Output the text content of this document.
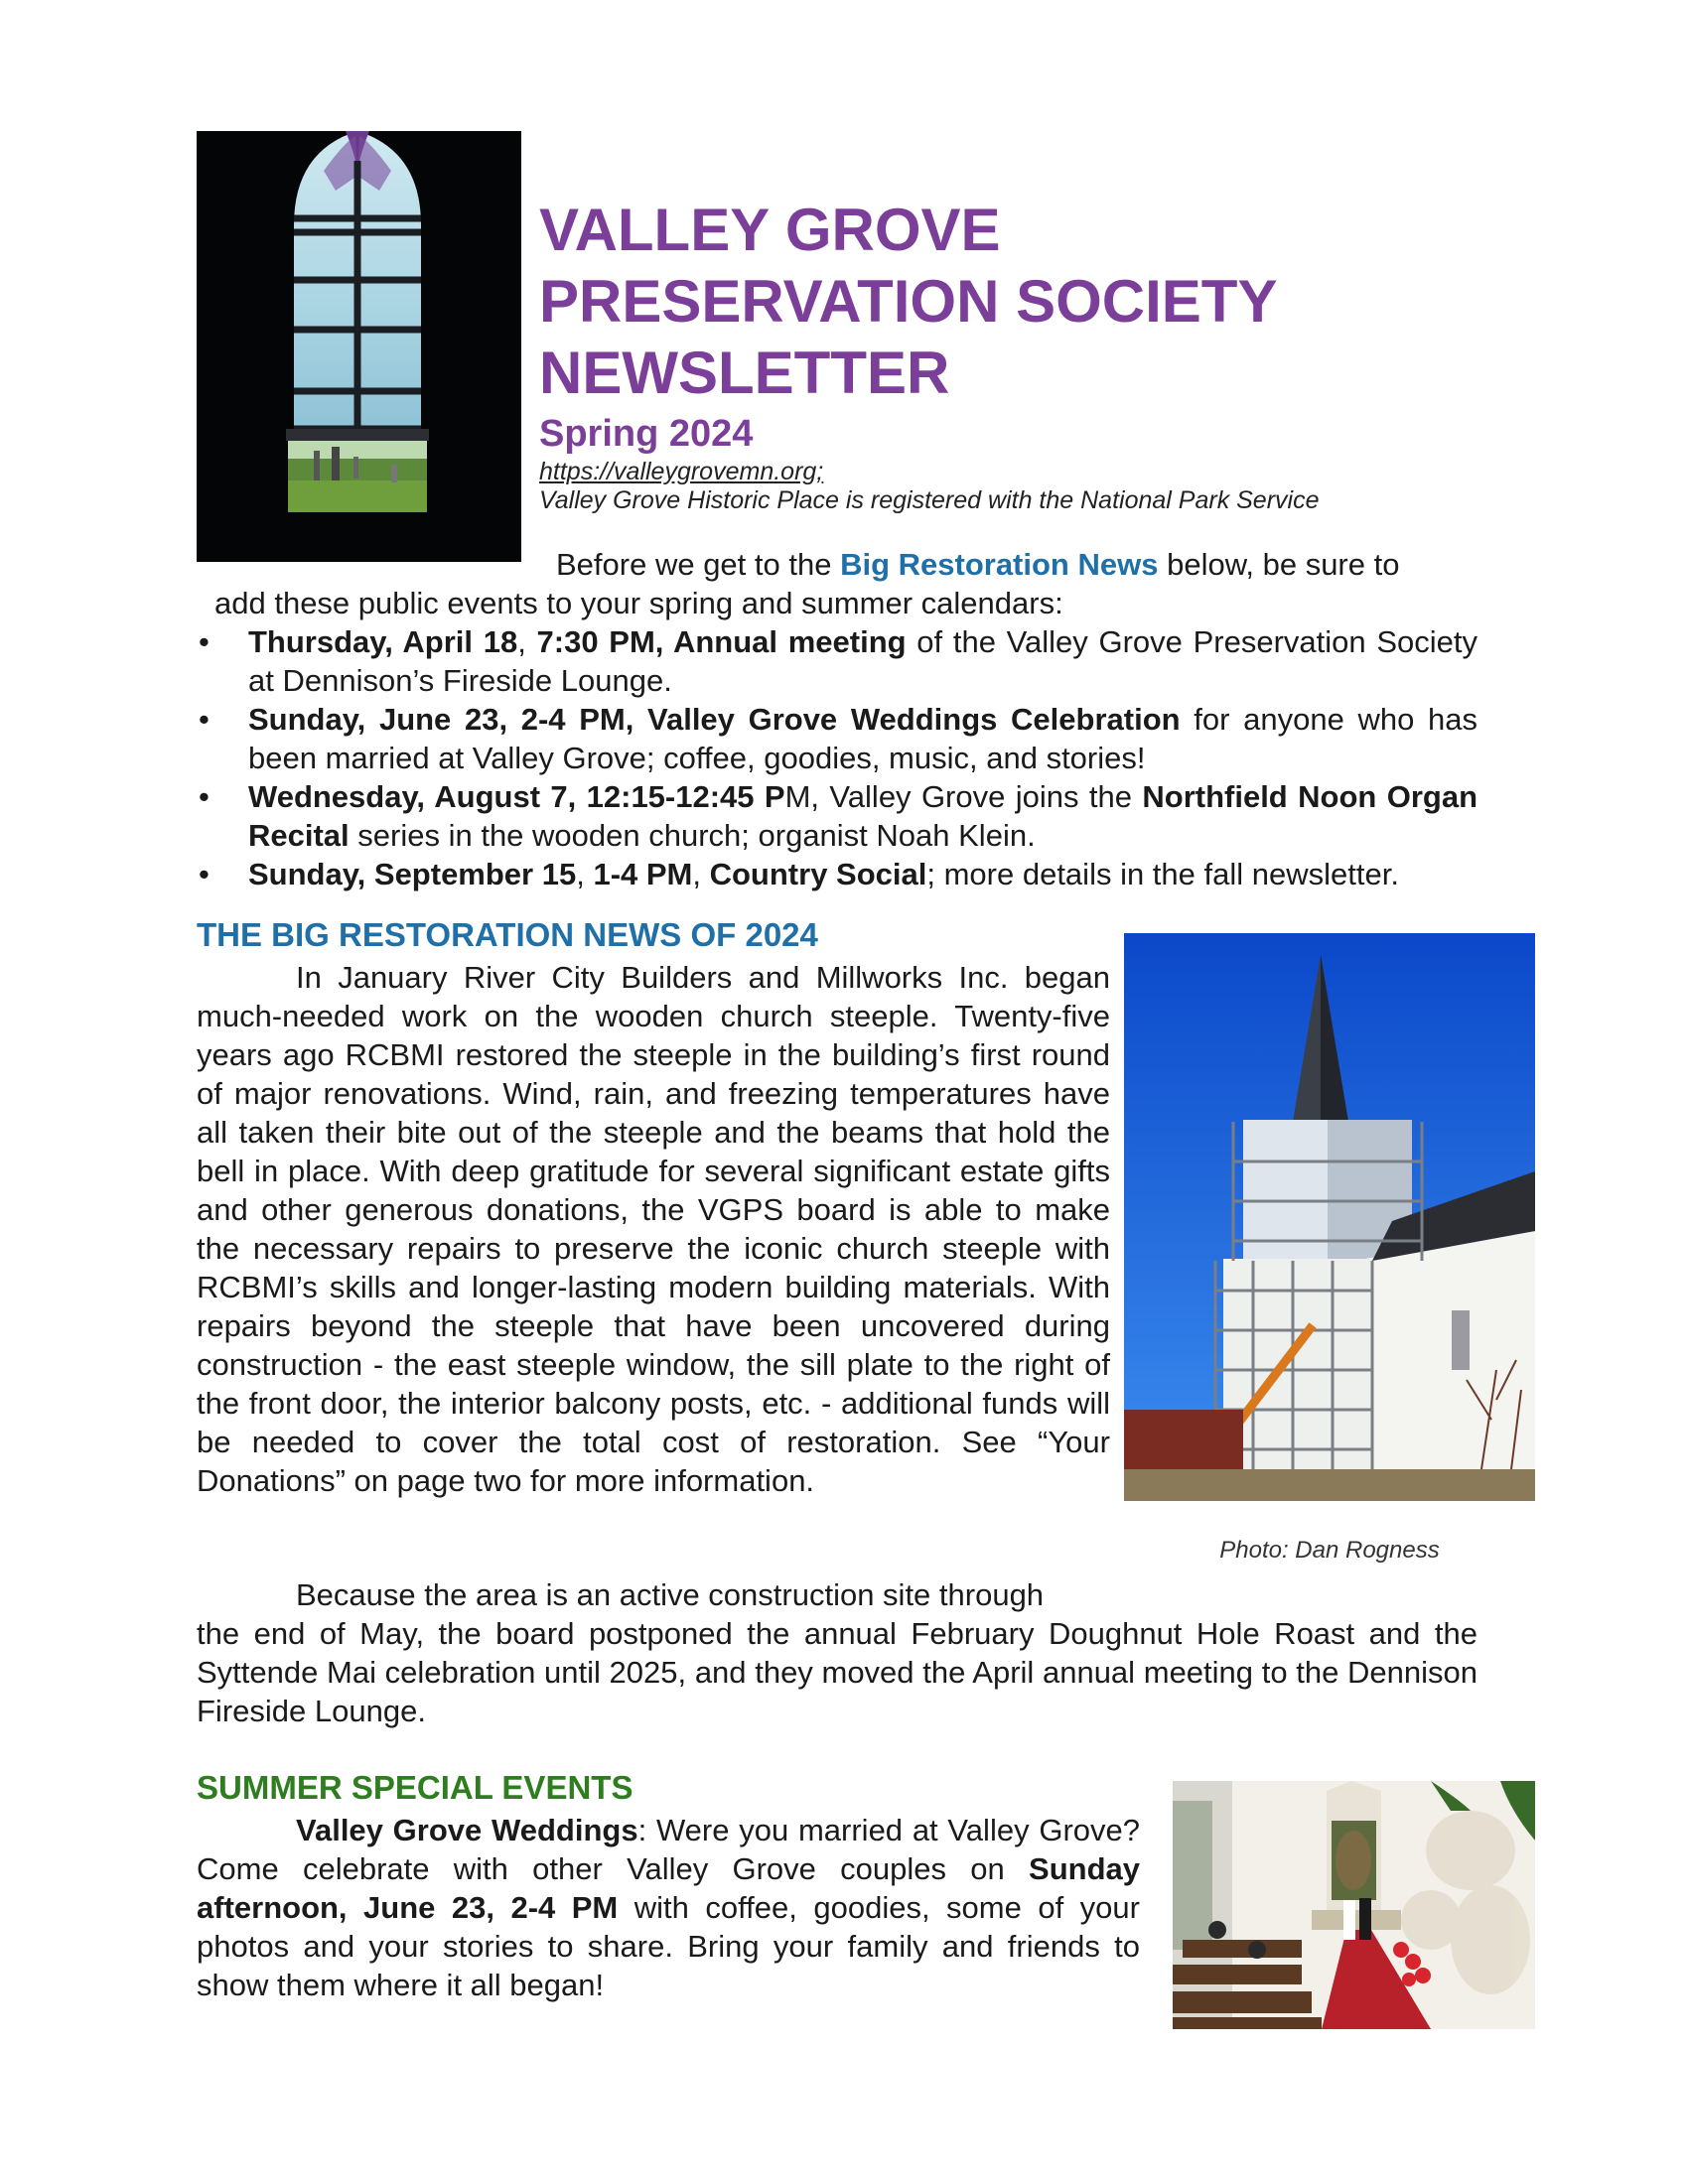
VALLEY GROVE
PRESERVATION SOCIETY
NEWSLETTER
Spring 2024
https://valleygrovemn.org;
Valley Grove Historic Place is registered with the National Park Service
Before we get to the Big Restoration News below, be sure to
add these public events to your spring and summer calendars:
• Thursday, April 18, 7:30 PM, Annual meeting of the Valley Grove Preservation Society at Dennison’s Fireside Lounge.
• Sunday, June 23, 2-4 PM, Valley Grove Weddings Celebration for anyone who has been married at Valley Grove; coffee, goodies, music, and stories!
• Wednesday, August 7, 12:15-12:45 PM, Valley Grove joins the Northfield Noon Organ Recital series in the wooden church; organist Noah Klein.
• Sunday, September 15, 1-4 PM, Country Social; more details in the fall newsletter.
THE BIG RESTORATION NEWS OF 2024
In January River City Builders and Millworks Inc. began much-needed work on the wooden church steeple. Twenty-five years ago RCBMI restored the steeple in the building’s first round of major renovations. Wind, rain, and freezing temperatures have all taken their bite out of the steeple and the beams that hold the bell in place. With deep gratitude for several significant estate gifts and other generous donations, the VGPS board is able to make the necessary repairs to preserve the iconic church steeple with RCBMI’s skills and longer-lasting modern building materials. With repairs beyond the steeple that have been uncovered during construction - the east steeple window, the sill plate to the right of the front door, the interior balcony posts, etc. - additional funds will be needed to cover the total cost of restoration. See “Your Donations” on page two for more information.
Because the area is an active construction site through
the end of May, the board postponed the annual February Doughnut Hole Roast and the Syttende Mai celebration until 2025, and they moved the April annual meeting to the Dennison Fireside Lounge.
Photo: Dan Rogness
SUMMER SPECIAL EVENTS
Valley Grove Weddings: Were you married at Valley Grove? Come celebrate with other Valley Grove couples on Sunday afternoon, June 23, 2-4 PM with coffee, goodies, some of your photos and your stories to share. Bring your family and friends to show them where it all began!
